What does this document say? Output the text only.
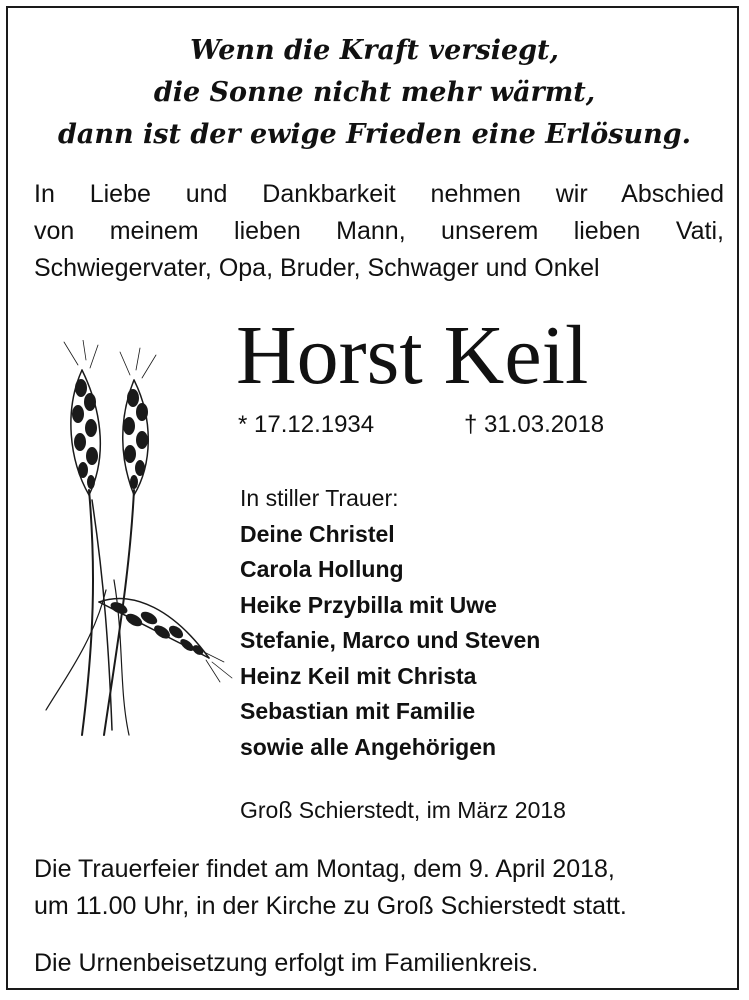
Wenn die Kraft versiegt,
die Sonne nicht mehr wärmt,
dann ist der ewige Frieden eine Erlösung.
In Liebe und Dankbarkeit nehmen wir Abschied
von meinem lieben Mann, unserem lieben Vati,
Schwiegervater, Opa, Bruder, Schwager und Onkel
Horst Keil
* 17.12.1934	† 31.03.2018
In stiller Trauer:
Deine Christel
Carola Hollung
Heike Przybilla mit Uwe
Stefanie, Marco und Steven
Heinz Keil mit Christa
Sebastian mit Familie
sowie alle Angehörigen
Groß Schierstedt, im März 2018
Die Trauerfeier findet am Montag, dem 9. April 2018,
um 11.00 Uhr, in der Kirche zu Groß Schierstedt statt.
Die Urnenbeisetzung erfolgt im Familienkreis.
